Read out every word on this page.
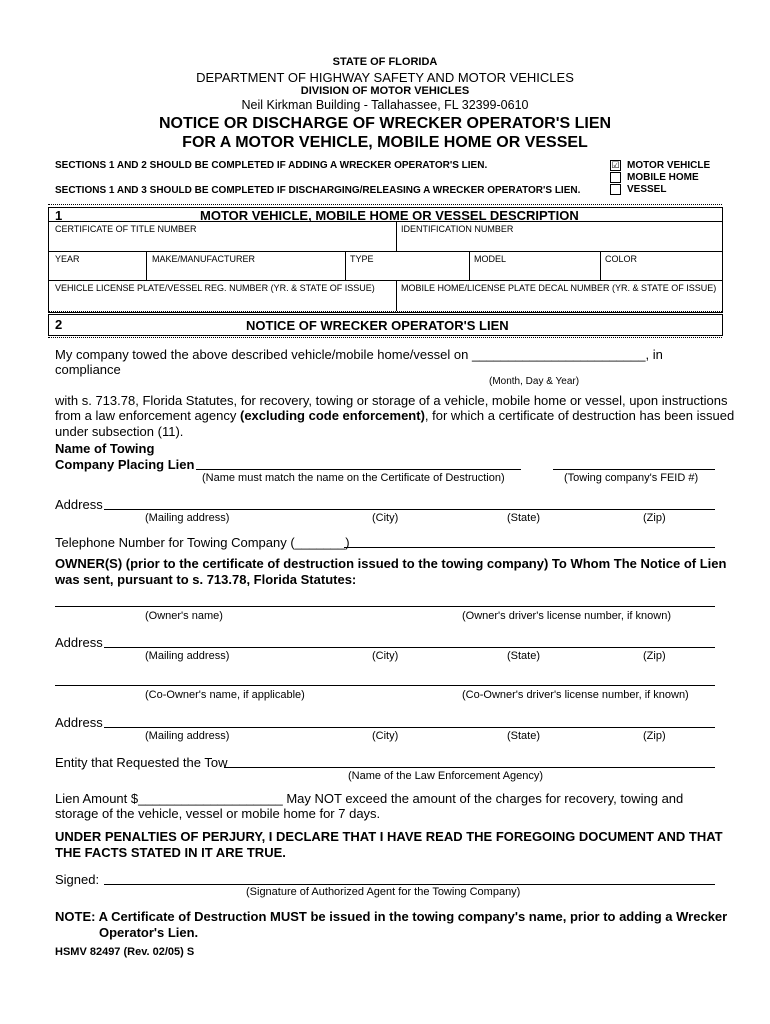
STATE OF FLORIDA
DEPARTMENT OF HIGHWAY SAFETY AND MOTOR VEHICLES
DIVISION OF MOTOR VEHICLES
Neil Kirkman Building - Tallahassee, FL 32399-0610
NOTICE OR DISCHARGE OF WRECKER OPERATOR'S LIEN
FOR A MOTOR VEHICLE, MOBILE HOME OR VESSEL
SECTIONS 1 AND 2 SHOULD BE COMPLETED IF ADDING A WRECKER OPERATOR'S LIEN.
SECTIONS 1 AND 3 SHOULD BE COMPLETED IF DISCHARGING/RELEASING A WRECKER OPERATOR'S LIEN.
☑ MOTOR VEHICLE
MOBILE HOME
VESSEL
1	MOTOR VEHICLE, MOBILE HOME OR VESSEL DESCRIPTION
CERTIFICATE OF TITLE NUMBER	IDENTIFICATION NUMBER
YEAR	MAKE/MANUFACTURER	TYPE	MODEL	COLOR
VEHICLE LICENSE PLATE/VESSEL REG. NUMBER (YR. & STATE OF ISSUE)	MOBILE HOME/LICENSE PLATE DECAL NUMBER (YR. & STATE OF ISSUE)
2	NOTICE OF WRECKER OPERATOR'S LIEN
My company towed the above described vehicle/mobile home/vessel on ________________________, in
compliance
(Month, Day & Year)
with s. 713.78, Florida Statutes, for recovery, towing or storage of a vehicle, mobile home or vessel, upon instructions
from a law enforcement agency (excluding code enforcement), for which a certificate of destruction has been issued
under subsection (11).
Name of Towing
Company Placing Lien
(Name must match the name on the Certificate of Destruction)	(Towing company's FEID #)
Address
(Mailing address)	(City)	(State)	(Zip)
Telephone Number for Towing Company (_______)
OWNER(S) (prior to the certificate of destruction issued to the towing company) To Whom The Notice of Lien
was sent, pursuant to s. 713.78, Florida Statutes:
(Owner's name)	(Owner's driver's license number, if known)
Address
(Mailing address)	(City)	(State)	(Zip)
(Co-Owner's name, if applicable)	(Co-Owner's driver's license number, if known)
Address
(Mailing address)	(City)	(State)	(Zip)
Entity that Requested the Tow
(Name of the Law Enforcement Agency)
Lien Amount $____________________ May NOT exceed the amount of the charges for recovery, towing and
storage of the vehicle, vessel or mobile home for 7 days.
UNDER PENALTIES OF PERJURY, I DECLARE THAT I HAVE READ THE FOREGOING DOCUMENT AND THAT
THE FACTS STATED IN IT ARE TRUE.
Signed:
(Signature of Authorized Agent for the Towing Company)
NOTE: A Certificate of Destruction MUST be issued in the towing company's name, prior to adding a Wrecker
Operator's Lien.
HSMV 82497 (Rev. 02/05) S
